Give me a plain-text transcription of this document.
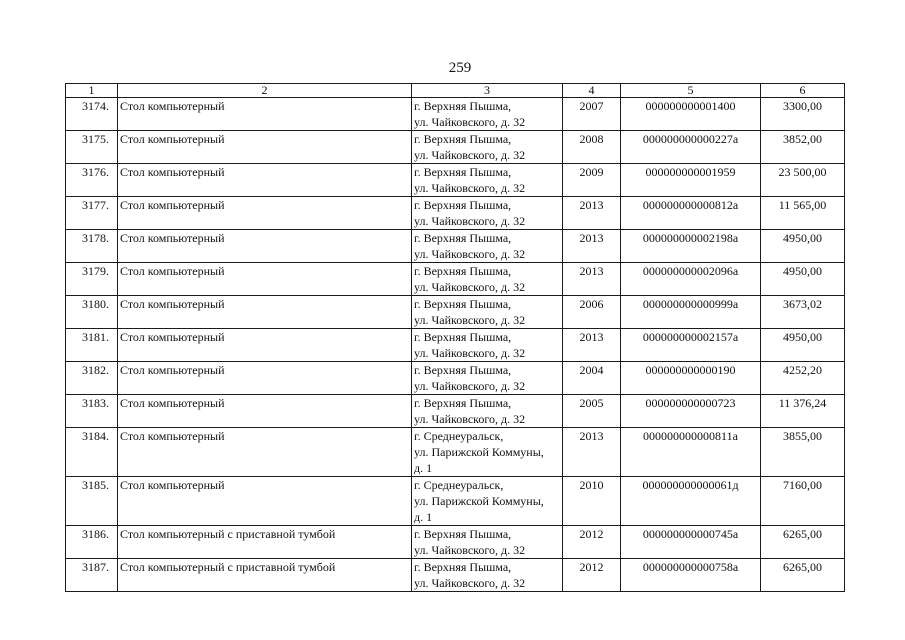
259
1	2	3	4	5	6
3174.	Стол компьютерный	г. Верхняя Пышма,
ул. Чайковского, д. 32	2007	000000000001400	3300,00
3175.	Стол компьютерный	г. Верхняя Пышма,
ул. Чайковского, д. 32	2008	000000000000227а	3852,00
3176.	Стол компьютерный	г. Верхняя Пышма,
ул. Чайковского, д. 32	2009	000000000001959	23 500,00
3177.	Стол компьютерный	г. Верхняя Пышма,
ул. Чайковского, д. 32	2013	000000000000812а	11 565,00
3178.	Стол компьютерный	г. Верхняя Пышма,
ул. Чайковского, д. 32	2013	000000000002198а	4950,00
3179.	Стол компьютерный	г. Верхняя Пышма,
ул. Чайковского, д. 32	2013	000000000002096а	4950,00
3180.	Стол компьютерный	г. Верхняя Пышма,
ул. Чайковского, д. 32	2006	000000000000999а	3673,02
3181.	Стол компьютерный	г. Верхняя Пышма,
ул. Чайковского, д. 32	2013	000000000002157а	4950,00
3182.	Стол компьютерный	г. Верхняя Пышма,
ул. Чайковского, д. 32	2004	000000000000190	4252,20
3183.	Стол компьютерный	г. Верхняя Пышма,
ул. Чайковского, д. 32	2005	000000000000723	11 376,24
3184.	Стол компьютерный	г. Среднеуральск,
ул. Парижской Коммуны,
д. 1	2013	000000000000811а	3855,00
3185.	Стол компьютерный	г. Среднеуральск,
ул. Парижской Коммуны,
д. 1	2010	000000000000061д	7160,00
3186.	Стол компьютерный с приставной тумбой	г. Верхняя Пышма,
ул. Чайковского, д. 32	2012	000000000000745а	6265,00
3187.	Стол компьютерный с приставной тумбой	г. Верхняя Пышма,
ул. Чайковского, д. 32	2012	000000000000758а	6265,00
